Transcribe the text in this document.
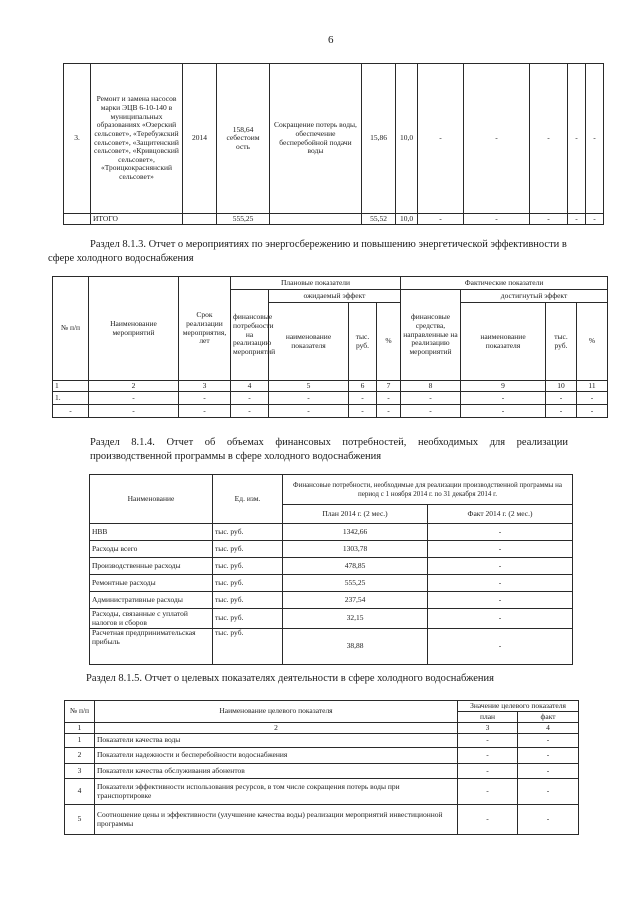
6
3.	Ремонт и замена насосов марки ЭЦВ 6-10-140 в муниципальных образованиях «Озерский сельсовет», «Теребужский сельсовет», «Защитенский сельсовет», «Кривцовский сельсовет», «Троицкокраснянский сельсовет»	2014	158,64 себестоим ость	Сокращение потерь воды, обеспечение бесперебойной подачи воды	15,86	10,0	-	-	-	-	-
	ИТОГО		555,25		55,52	10,0	-	-	-	-	-
Раздел 8.1.3. Отчет о мероприятиях по энергосбережению и повышению энергетической эффективности в сфере холодного водоснабжения
№ п/п	Наименование мероприятий	Срок реализации мероприятия, лет	Плановые показатели				Фактические показатели			
			финансовые потребности на реализацию мероприятий	ожидаемый эффект			финансовые средства, направленные на реализацию мероприятий	достигнутый эффект		
				наименование показателя	тыс. руб.	%		наименование показателя	тыс. руб.	%
1	2	3	4	5	6	7	8	9	10	11
1.	-	-	-	-	-	-	-	-	-	-
-	-	-	-	-	-	-	-	-	-	-
Раздел 8.1.4. Отчет об объемах финансовых потребностей, необходимых для реализации производственной программы в сфере холодного водоснабжения
Наименование	Ед. изм.	Финансовые потребности, необходимые для реализации производственной программы на период с 1 ноября 2014 г. по 31 декабря 2014 г.	
		План 2014 г. (2 мес.)	Факт 2014 г. (2 мес.)
НВВ	тыс. руб.	1342,66	-
Расходы всего	тыс. руб.	1303,78	-
Производственные расходы	тыс. руб.	478,85	-
Ремонтные расходы	тыс. руб.	555,25	-
Административные расходы	тыс. руб.	237,54	-
Расходы, связанные с уплатой налогов и сборов	тыс. руб.	32,15	-
Расчетная предпринимательская прибыль	тыс. руб.	38,88	-
Раздел 8.1.5. Отчет о целевых показателях деятельности в сфере холодного водоснабжения
№ п/п	Наименование целевого показателя	Значение целевого показателя	
		план	факт
1	2	3	4
1	Показатели качества воды	-	-
2	Показатели надежности и бесперебойности водоснабжения	-	-
3	Показатели качества обслуживания абонентов	-	-
4	Показатели эффективности использования ресурсов, в том числе сокращения потерь воды при транспортировке	-	-
5	Соотношение цены и эффективности (улучшение качества воды) реализации мероприятий инвестиционной программы	-	-
